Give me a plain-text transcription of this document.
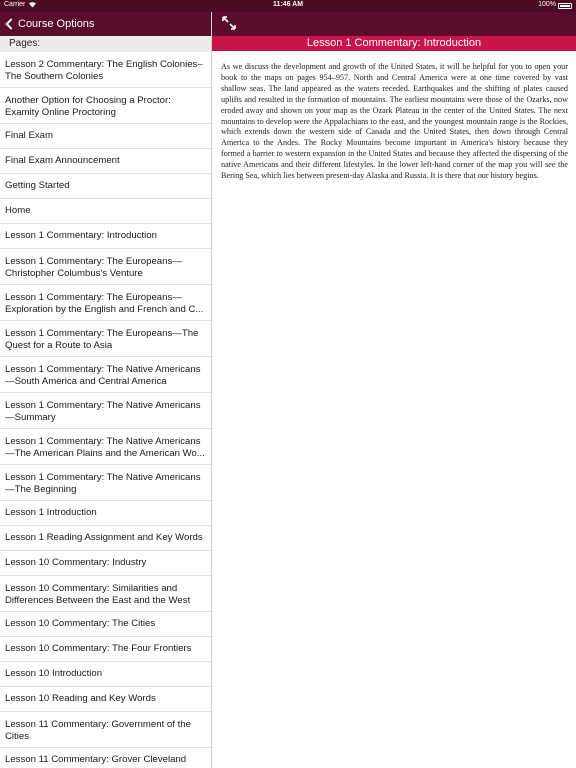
Carrier	11:46 AM	100%
Course Options
Pages:
Lesson 2 Commentary: The English Colonies–The Southern Colonies
Another Option for Choosing a Proctor: Examity Online Proctoring
Final Exam
Final Exam Announcement
Getting Started
Home
Lesson 1 Commentary: Introduction
Lesson 1 Commentary: The Europeans—Christopher Columbus's Venture
Lesson 1 Commentary: The Europeans—Exploration by the English and French and C...
Lesson 1 Commentary: The Europeans—The Quest for a Route to Asia
Lesson 1 Commentary: The Native Americans—South America and Central America
Lesson 1 Commentary: The Native Americans—Summary
Lesson 1 Commentary: The Native Americans—The American Plains and the American Wo...
Lesson 1 Commentary: The Native Americans—The Beginning
Lesson 1 Introduction
Lesson 1 Reading Assignment and Key Words
Lesson 10 Commentary: Industry
Lesson 10 Commentary: Similarities and Differences Between the East and the West
Lesson 10 Commentary: The Cities
Lesson 10 Commentary: The Four Frontiers
Lesson 10 Introduction
Lesson 10 Reading and Key Words
Lesson 11 Commentary: Government of the Cities
Lesson 11 Commentary: Grover Cleveland
Lesson 1 Commentary: Introduction
As we discuss the development and growth of the United States, it will be helpful for you to open your book to the maps on pages 954–957. North and Central America were at one time covered by vast shallow seas. The land appeared as the waters receded. Earthquakes and the shifting of plates caused uplifts and resulted in the formation of mountains. The earliest mountains were those of the Ozarks, now eroded away and shown on your map as the Ozark Plateau in the center of the United States. The next mountains to develop were the Appalachians to the east, and the youngest mountain range is the Rockies, which extends down the western side of Canada and the United States, then down through Central America to the Andes. The Rocky Mountains become important in America's history because they formed a barrier to western expansion in the United States and because they affected the dispersing of the native Americans and their different lifestyles. In the lower left-hand corner of the map you will see the Bering Sea, which lies between present-day Alaska and Russia. It is there that our history begins.
